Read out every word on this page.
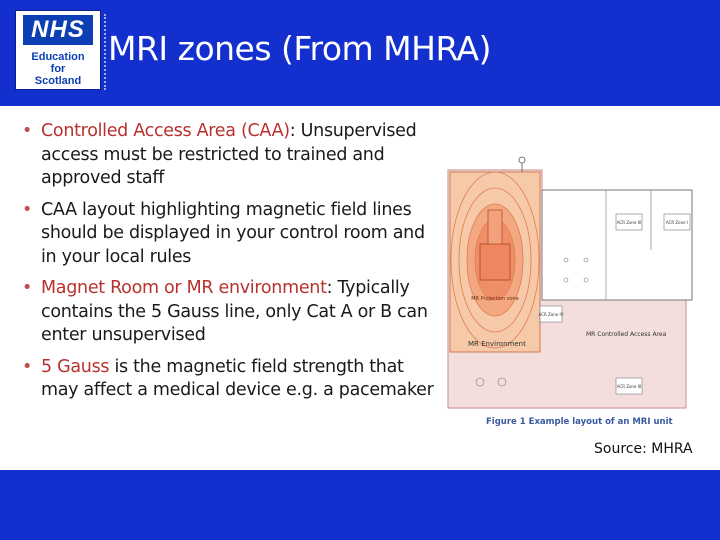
NHS
Education
for
Scotland
MRI zones (From MHRA)
• Controlled Access Area (CAA): Unsupervised access must be restricted to trained and approved staff
• CAA layout highlighting magnetic field lines should be displayed in your control room and in your local rules
• Magnet Room or MR environment: Typically contains the 5 Gauss line, only Cat A or B can enter unsupervised
• 5 Gauss is the magnetic field strength that may affect a medical device e.g. a pacemaker
MR Projection zone
ACR Zone III	ACR Zone I
ACR Zone IV
ACR Zone III
MR Environment
MR Controlled Access Area
Figure 1 Example layout of an MRI unit
Source: MHRA
